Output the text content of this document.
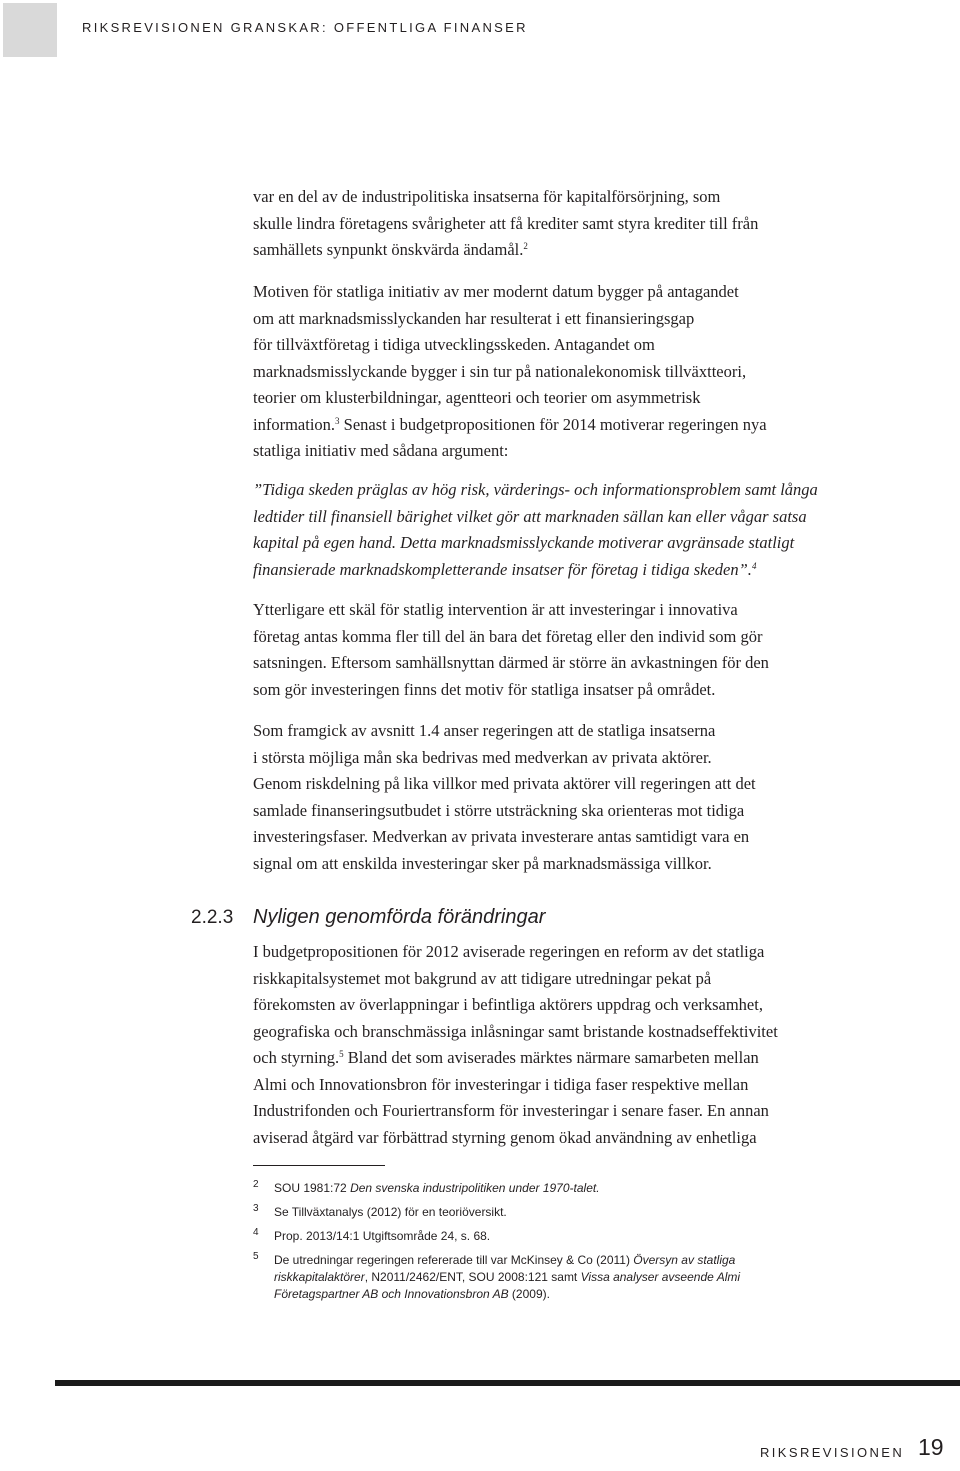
RIKSREVISIONEN GRANSKAR: OFFENTLIGA FINANSER

var en del av de industripolitiska insatserna för kapitalförsörjning, som
skulle lindra företagens svårigheter att få krediter samt styra krediter till från
samhällets synpunkt önskvärda ändamål.$^2$

Motiven för statliga initiativ av mer modernt datum bygger på antagandet
om att marknadsmisslyckanden har resulterat i ett finansieringsgap
för tillväxtföretag i tidiga utvecklingsskeden. Antagandet om
marknadsmisslyckande bygger i sin tur på nationalekonomisk tillväxtteori,
teorier om klusterbildningar, agentteori och teorier om asymmetrisk
information.$^3$ Senast i budgetpropositionen för 2014 motiverar regeringen nya
statliga initiativ med sådana argument:

”Tidiga skeden präglas av hög risk, värderings- och informationsproblem samt långa
ledtider till finansiell bärighet vilket gör att marknaden sällan kan eller vågar satsa
kapital på egen hand. Detta marknadsmisslyckande motiverar avgränsade statligt
finansierade marknadskompletterande insatser för företag i tidiga skeden”.$^4$

Ytterligare ett skäl för statlig intervention är att investeringar i innovativa
företag antas komma fler till del än bara det företag eller den individ som gör
satsningen. Eftersom samhällsnyttan därmed är större än avkastningen för den
som gör investeringen finns det motiv för statliga insatser på området.

Som framgick av avsnitt 1.4 anser regeringen att de statliga insatserna
i största möjliga mån ska bedrivas med medverkan av privata aktörer.
Genom riskdelning på lika villkor med privata aktörer vill regeringen att det
samlade finanseringsutbudet i större utsträckning ska orienteras mot tidiga
investeringsfaser. Medverkan av privata investerare antas samtidigt vara en
signal om att enskilda investeringar sker på marknadsmässiga villkor.

2.2.3 Nyligen genomförda förändringar

I budgetpropositionen för 2012 aviserade regeringen en reform av det statliga
riskkapitalsystemet mot bakgrund av att tidigare utredningar pekat på
förekomsten av överlappningar i befintliga aktörers uppdrag och verksamhet,
geografiska och branschmässiga inlåsningar samt bristande kostnadseffektivitet
och styrning.$^5$ Bland det som aviserades märktes närmare samarbeten mellan
Almi och Innovationsbron för investeringar i tidiga faser respektive mellan
Industrifonden och Fouriertransform för investeringar i senare faser. En annan
aviserad åtgärd var förbättrad styrning genom ökad användning av enhetliga

2 SOU 1981:72 Den svenska industripolitiken under 1970-talet.
3 Se Tillväxtanalys (2012) för en teoriöversikt.
4 Prop. 2013/14:1 Utgiftsområde 24, s. 68.
5 De utredningar regeringen refererade till var McKinsey & Co (2011) Översyn av statliga
riskkapitalaktörer, N2011/2462/ENT, SOU 2008:121 samt Vissa analyser avseende Almi
Företagspartner AB och Innovationsbron AB (2009).
RIKSREVISIONEN 19
